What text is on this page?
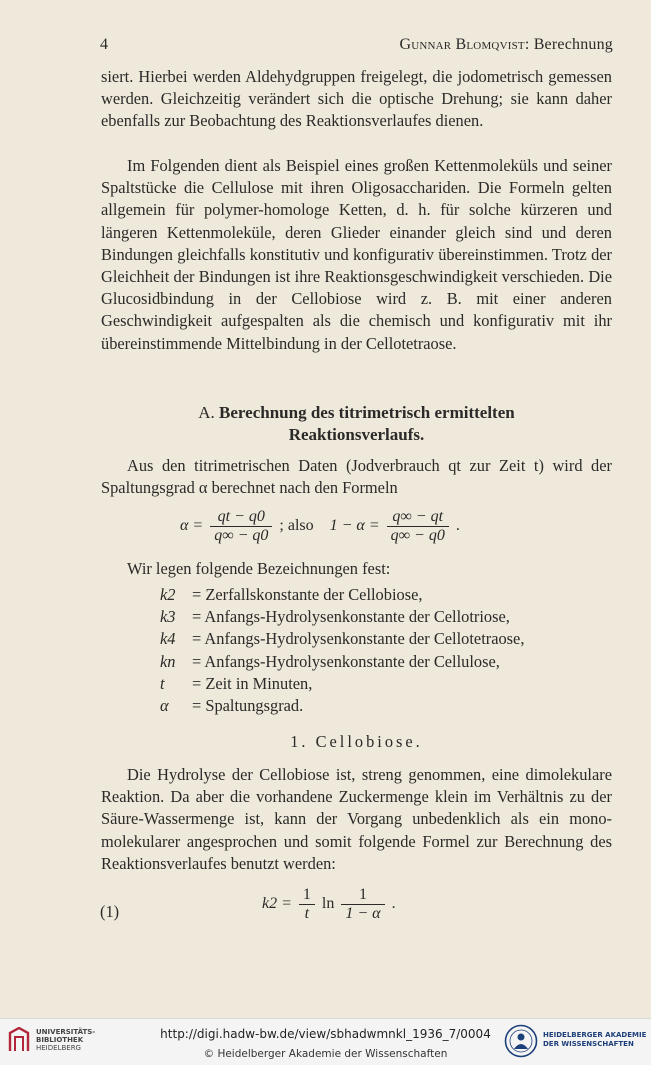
4	Gunnar Blomqvist: Berechnung
siert. Hierbei werden Aldehydgruppen freigelegt, die jodometrisch gemessen werden. Gleichzeitig verändert sich die optische Drehung; sie kann daher ebenfalls zur Beobachtung des Reaktionsverlaufes dienen.
Im Folgenden dient als Beispiel eines großen Kettenmoleküls und seiner Spaltstücke die Cellulose mit ihren Oligosacchariden. Die Formeln gelten allgemein für polymer-homologe Ketten, d. h. für solche kürzeren und längeren Kettenmoleküle, deren Glieder einander gleich sind und deren Bindungen gleichfalls konstitutiv und konfigurativ übereinstimmen. Trotz der Gleichheit der Bindungen ist ihre Reaktionsgeschwindigkeit verschieden. Die Glucosidbindung in der Cellobiose wird z. B. mit einer anderen Geschwindigkeit aufgespalten als die chemisch und konfigurativ mit ihr übereinstimmende Mittelbindung in der Cellotetraose.
A. Berechnung des titrimetrisch ermittelten
Reaktionsverlaufs.
Aus den titrimetrischen Daten (Jodverbrauch qt zur Zeit t) wird der Spaltungsgrad α berechnet nach den Formeln
$\alpha = \frac{qt - q0}{q\infty - q0}$ ; also $1 - \alpha = \frac{q\infty - qt}{q\infty - q0}$ .
Wir legen folgende Bezeichnungen fest:
k2	= Zerfallskonstante der Cellobiose,
k3	= Anfangs-Hydrolysenkonstante der Cellotriose,
k4	= Anfangs-Hydrolysenkonstante der Cellotetraose,
kn	= Anfangs-Hydrolysenkonstante der Cellulose,
t	= Zeit in Minuten,
α	= Spaltungsgrad.
1. Cellobiose.
Die Hydrolyse der Cellobiose ist, streng genommen, eine dimolekulare Reaktion. Da aber die vorhandene Zuckermenge klein im Verhältnis zu der Säure-Wassermenge ist, kann der Vorgang unbedenklich als ein mono-molekularer angesprochen und somit folgende Formel zur Berechnung des Reaktionsverlaufes benutzt werden:
(1)	$k2 = \frac{1}{t}$ $\ln \frac{1}{1 - \alpha}$ .
UNIVERSITÄTS-
BIBLIOTHEK
HEIDELBERG
http://digi.hadw-bw.de/view/sbhadwmnkl_1936_7/0004
© Heidelberger Akademie der Wissenschaften
HEIDELBERGER AKADEMIE
DER WISSENSCHAFTEN
